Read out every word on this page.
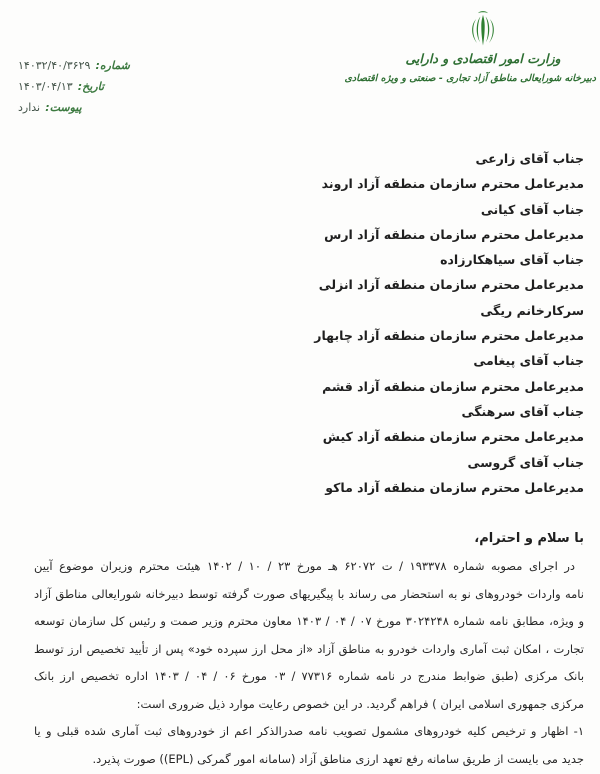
وزارت امور اقتصادی و دارایی
دبیرخانه شورایعالی مناطق آزاد تجاری - صنعتی و ویژه اقتصادی
شماره: ۱۴۰۳۲/۴۰/۳۶۲۹
تاریخ: ۱۴۰۳/۰۴/۱۳
پیوست: ندارد
جناب آقای زارعی
مدیرعامل محترم سازمان منطقه آزاد اروند
جناب آقای کیانی
مدیرعامل محترم سازمان منطقه آزاد ارس
جناب آقای سیاهکارزاده
مدیرعامل محترم سازمان منطقه آزاد انزلی
سرکارخانم ریگی
مدیرعامل محترم سازمان منطقه آزاد چابهار
جناب آقای پیغامی
مدیرعامل محترم سازمان منطقه آزاد قشم
جناب آقای سرهنگی
مدیرعامل محترم سازمان منطقه آزاد کیش
جناب آقای گروسی
مدیرعامل محترم سازمان منطقه آزاد ماکو
با سلام و احترام،
در اجرای مصوبه شماره ۱۹۳۳۷۸ / ت ۶۲۰۷۲ هـ مورخ ۲۳ / ۱۰ / ۱۴۰۲ هیئت محترم وزیران موضوع آیین
نامه واردات خودروهای نو به استحضار می رساند با پیگیریهای صورت گرفته توسط دبیرخانه شورایعالی مناطق آزاد
و ویژه، مطابق نامه شماره ۳۰۲۴۲۴۸ مورخ ۰۷ / ۰۴ / ۱۴۰۳ معاون محترم وزیر صمت و رئیس کل سازمان توسعه
تجارت ، امکان ثبت آماری واردات خودرو به مناطق آزاد «از محل ارز سپرده خود» پس از تأیید تخصیص ارز توسط
بانک مرکزی (طبق ضوابط مندرج در نامه شماره ۷۷۳۱۶ / ۰۳ مورخ ۰۶ / ۰۴ / ۱۴۰۳ اداره تخصیص ارز بانک
مرکزی جمهوری اسلامی ایران ) فراهم گردید. در این خصوص رعایت موارد ذیل ضروری است:
۱- اظهار و ترخیص کلیه خودروهای مشمول تصویب نامه صدرالذکر اعم از خودروهای ثبت آماری شده قبلی و یا
جدید می بایست از طریق سامانه رفع تعهد ارزی مناطق آزاد (سامانه امور گمرکی (EPL)) صورت پذیرد.
